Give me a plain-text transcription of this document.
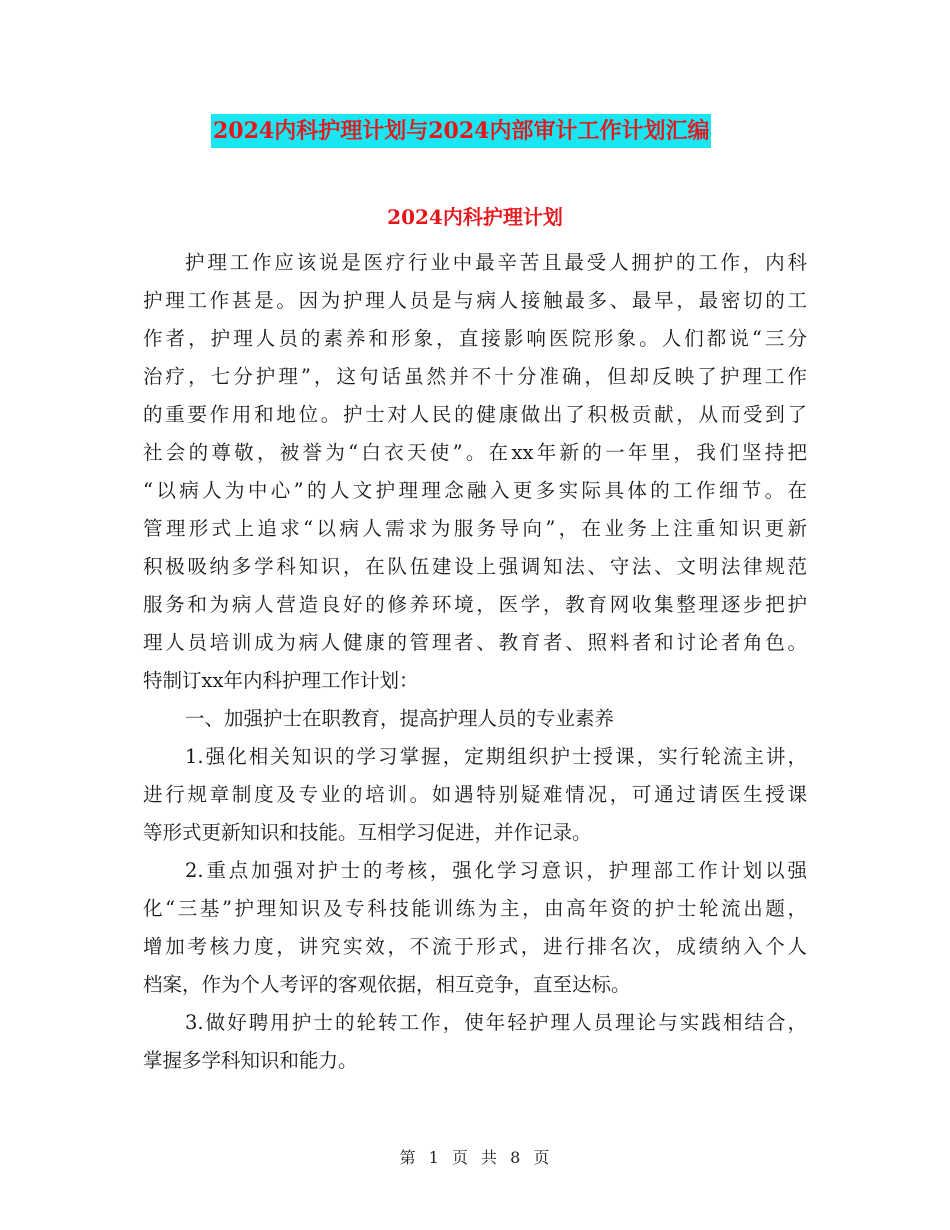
2024内科护理计划与2024内部审计工作计划汇编
2024内科护理计划
护理工作应该说是医疗行业中最辛苦且最受人拥护的工作，内科
护理工作甚是。因为护理人员是与病人接触最多、最早，最密切的工
作者，护理人员的素养和形象，直接影响医院形象。人们都说“三分
治疗，七分护理”，这句话虽然并不十分准确，但却反映了护理工作
的重要作用和地位。护士对人民的健康做出了积极贡献，从而受到了
社会的尊敬，被誉为“白衣天使”。在xx年新的一年里，我们坚持把
“以病人为中心”的人文护理理念融入更多实际具体的工作细节。在
管理形式上追求“以病人需求为服务导向”，在业务上注重知识更新
积极吸纳多学科知识，在队伍建设上强调知法、守法、文明法律规范
服务和为病人营造良好的修养环境，医学，教育网收集整理逐步把护
理人员培训成为病人健康的管理者、教育者、照料者和讨论者角色。
特制订xx年内科护理工作计划：
一、加强护士在职教育，提高护理人员的专业素养
1.强化相关知识的学习掌握，定期组织护士授课，实行轮流主讲，
进行规章制度及专业的培训。如遇特别疑难情况，可通过请医生授课
等形式更新知识和技能。互相学习促进，并作记录。
2.重点加强对护士的考核，强化学习意识，护理部工作计划以强
化“三基”护理知识及专科技能训练为主，由高年资的护士轮流出题，
增加考核力度，讲究实效，不流于形式，进行排名次，成绩纳入个人
档案，作为个人考评的客观依据，相互竞争，直至达标。
3.做好聘用护士的轮转工作，使年轻护理人员理论与实践相结合，
掌握多学科知识和能力。
第 1 页 共 8 页
